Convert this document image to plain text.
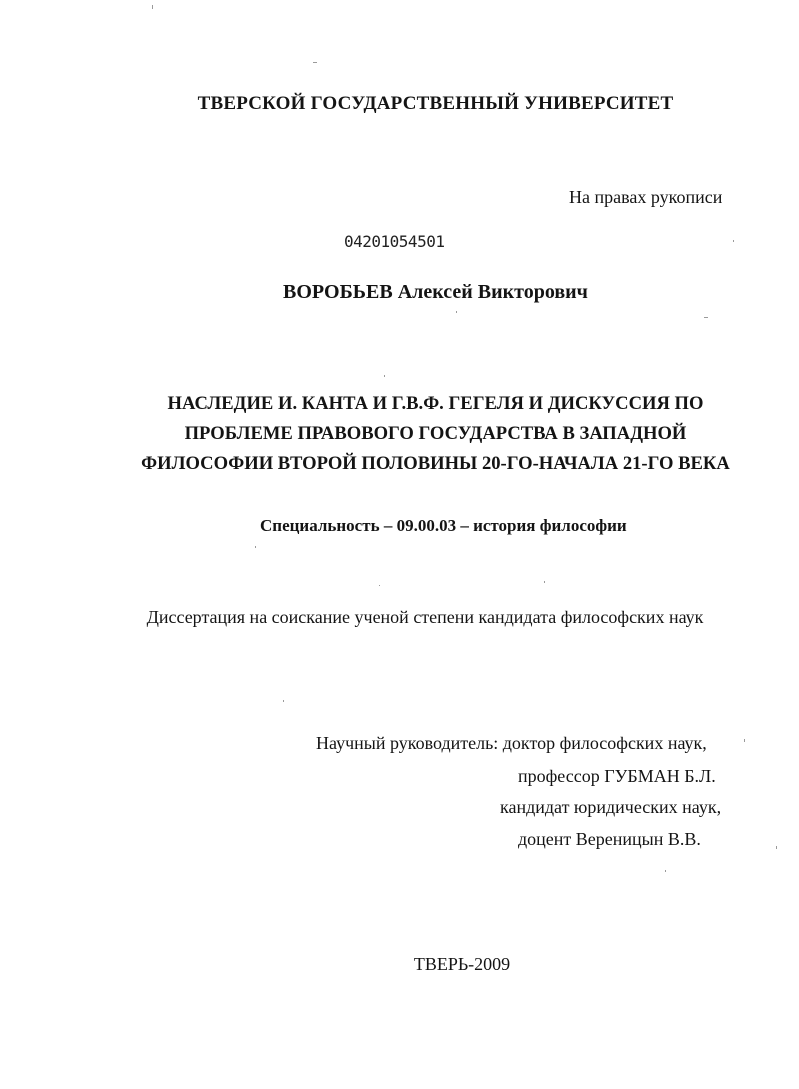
ТВЕРСКОЙ ГОСУДАРСТВЕННЫЙ УНИВЕРСИТЕТ
На правах рукописи
04201054501
ВОРОБЬЕВ Алексей Викторович
НАСЛЕДИЕ И. КАНТА И Г.В.Ф. ГЕГЕЛЯ И ДИСКУССИЯ ПО
ПРОБЛЕМЕ ПРАВОВОГО ГОСУДАРСТВА В ЗАПАДНОЙ
ФИЛОСОФИИ ВТОРОЙ ПОЛОВИНЫ 20-ГО-НАЧАЛА 21-ГО ВЕКА
Специальность – 09.00.03 – история философии
Диссертация на соискание ученой степени кандидата философских наук
Научный руководитель: доктор философских наук,
профессор ГУБМАН Б.Л.
кандидат юридических наук,
доцент Вереницын В.В.
ТВЕРЬ-2009
